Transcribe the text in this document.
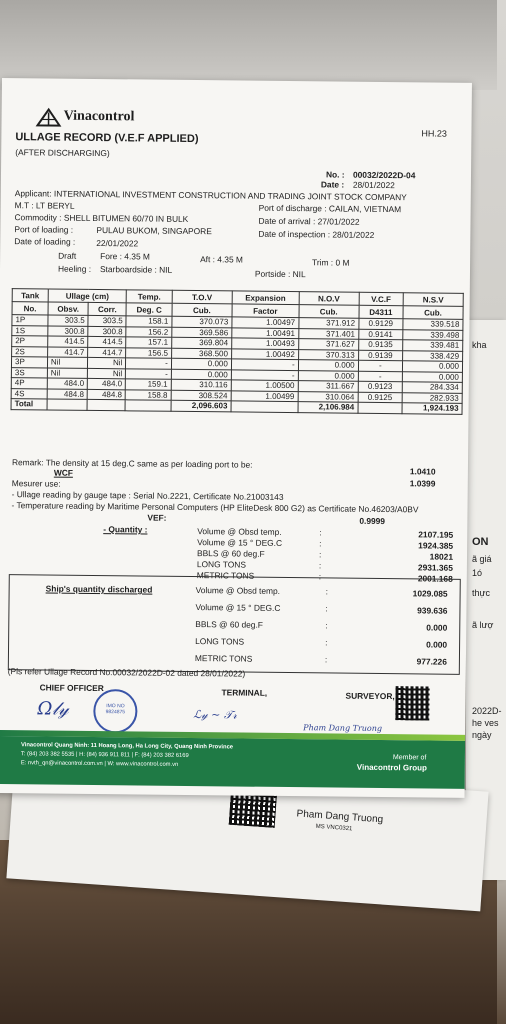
kha
ON
ã giá
1ó
thực
ã lượ
2022D-
he ves
ngày
Pham Dang Truong
MS VNC0321
Vinacontrol
HH.23
ULLAGE RECORD (V.E.F APPLIED)
(AFTER DISCHARGING)
No. : 00032/2022D-04
Date : 28/01/2022
Applicant: INTERNATIONAL INVESTMENT CONSTRUCTION AND TRADING JOINT STOCK COMPANY
M.T : LT BERYL	Port of discharge : CAILAN, VIETNAM
Commodity : SHELL BITUMEN 60/70 IN BULK	Date of arrival : 27/01/2022
Port of loading :	PULAU BUKOM, SINGAPORE	Date of inspection : 28/01/2022
Date of loading : 22/01/2022
Draft	Fore : 4.35 M	Aft : 4.35 M	Trim : 0 M
Heeling : Starboardside : NIL	Portside : NIL
Tank	Ullage (cm)		Temp.	T.O.V	Expansion	N.O.V	V.C.F	N.S.V
No.	Obsv.	Corr.	Deg. C	Cub.	Factor	Cub.	D4311	Cub.
1P	303.5	303.5	158.1	370.073	1.00497	371.912	0.9129	339.518
1S	300.8	300.8	156.2	369.586	1.00491	371.401	0.9141	339.498
2P	414.5	414.5	157.1	369.804	1.00493	371.627	0.9135	339.481
2S	414.7	414.7	156.5	368.500	1.00492	370.313	0.9139	338.429
3P	Nil	Nil	-	0.000	-	0.000	-	0.000
3S	Nil	Nil	-	0.000	-	0.000	-	0.000
4P	484.0	484.0	159.1	310.116	1.00500	311.667	0.9123	284.334
4S	484.8	484.8	158.8	308.524	1.00499	310.064	0.9125	282.933
Total				2,096.603		2,106.984		1,924.193
Remark: The density at 15 deg.C same as per loading port to be:
1.0410
WCF
1.0399
Mesurer use:
- Ullage reading by gauge tape : Serial No.2221, Certificate No.21003143
- Temperature reading by Maritime Personal Computers (HP EliteDesk 800 G2) as Certificate No.46203/A0BV
VEF:	0.9999
- Quantity :	Volume @ Obsd temp.	:	2107.195
Volume @ 15 ° DEG.C	:	1924.385
BBLS @ 60 deg.F	:	18021
LONG TONS	:	2931.365
METRIC TONS	:	2001.168
Ship's quantity discharged	Volume @ Obsd temp.	:	1029.085
Volume @ 15 ° DEG.C	:	939.636
BBLS @ 60 deg.F	:	0.000
LONG TONS	:	0.000
METRIC TONS	:	977.226
(Pls refer Ullage Record No.00032/2022D-02 dated 28/01/2022)
CHIEF OFFICER	TERMINAL,	SURVEYOR,
IMO NO
9824875
Ω𝓁𝓎	ℒ𝓎 ~ 𝒯𝓇
Pham Dang Truong
Vinacontrol Quang Ninh: 11 Hoang Long, Ha Long City, Quang Ninh Province
T: (84) 203 382 5535 | H: (84) 936 911 811 | F: (84) 203 382 6169
E: nvth_qn@vinacontrol.com.vn | W: www.vinacontrol.com.vn
Member of
Vinacontrol Group
